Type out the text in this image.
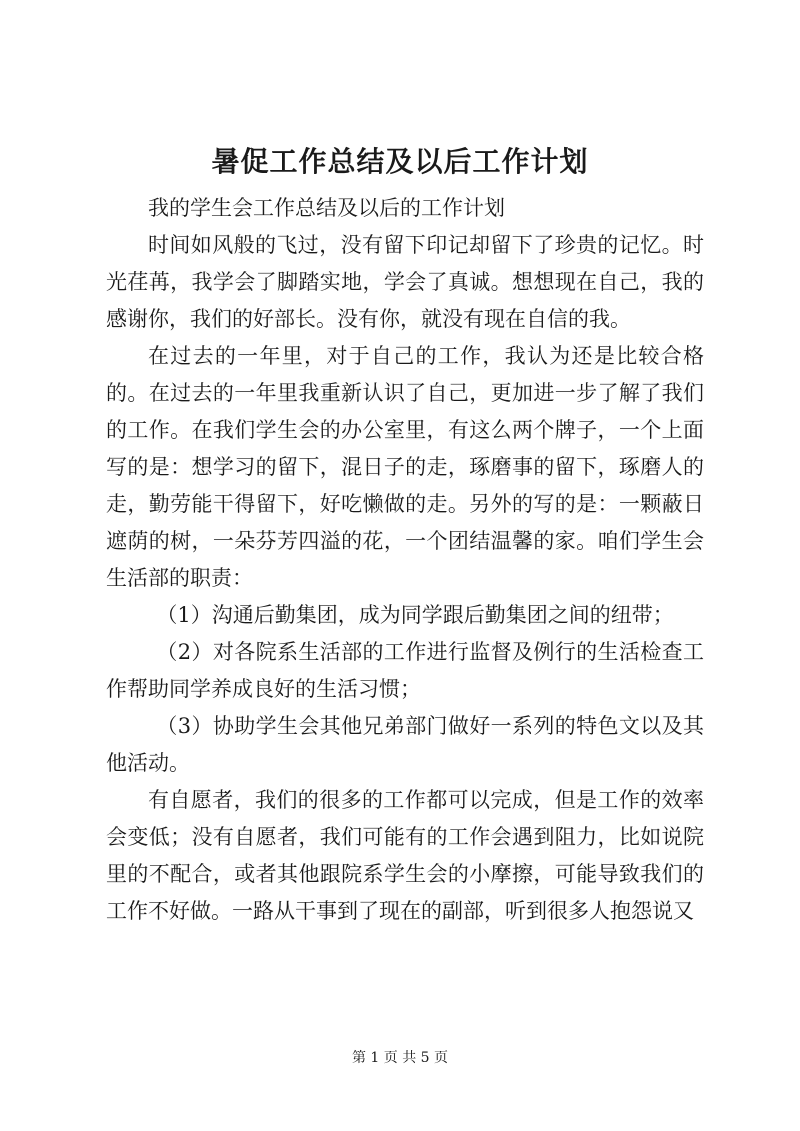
暑促工作总结及以后工作计划

我的学生会工作总结及以后的工作计划

时间如风般的飞过，没有留下印记却留下了珍贵的记忆。时光荏苒，我学会了脚踏实地，学会了真诚。想想现在自己，我的感谢你，我们的好部长。没有你，就没有现在自信的我。

在过去的一年里，对于自己的工作，我认为还是比较合格的。在过去的一年里我重新认识了自己，更加进一步了解了我们的工作。在我们学生会的办公室里，有这么两个牌子，一个上面写的是：想学习的留下，混日子的走，琢磨事的留下，琢磨人的走，勤劳能干得留下，好吃懒做的走。另外的写的是：一颗蔽日遮荫的树，一朵芬芳四溢的花，一个团结温馨的家。咱们学生会生活部的职责：

（1）沟通后勤集团，成为同学跟后勤集团之间的纽带；

（2）对各院系生活部的工作进行监督及例行的生活检查工作帮助同学养成良好的生活习惯；

（3）协助学生会其他兄弟部门做好一系列的特色文以及其他活动。

有自愿者，我们的很多的工作都可以完成，但是工作的效率会变低；没有自愿者，我们可能有的工作会遇到阻力，比如说院里的不配合，或者其他跟院系学生会的小摩擦，可能导致我们的工作不好做。一路从干事到了现在的副部，听到很多人抱怨说又

第 1 页 共 5 页
